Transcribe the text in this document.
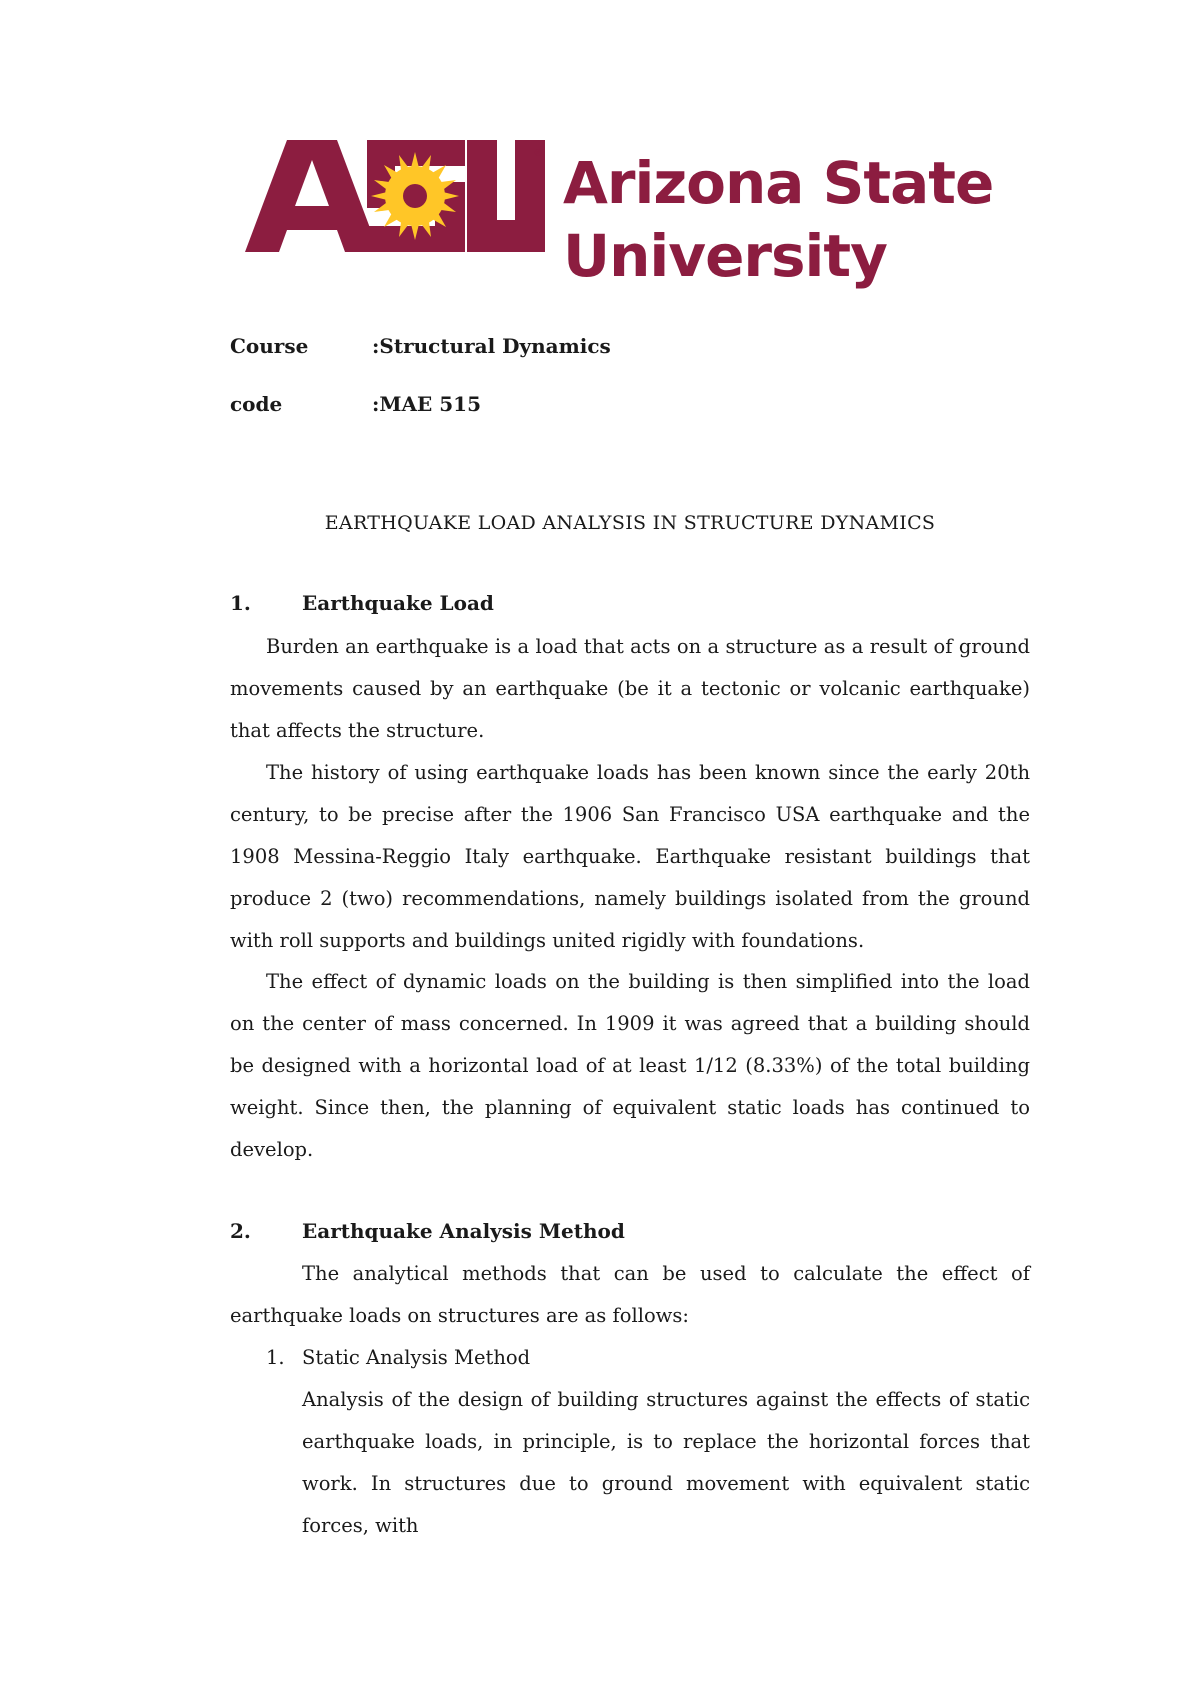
® Arizona State
University
Course	:Structural Dynamics
code	:MAE 515
EARTHQUAKE LOAD ANALYSIS IN STRUCTURE DYNAMICS
1.	Earthquake Load

Burden an earthquake is a load that acts on a structure as a result of ground movements caused by an earthquake (be it a tectonic or volcanic earthquake) that affects the structure.

The history of using earthquake loads has been known since the early 20th century, to be precise after the 1906 San Francisco USA earthquake and the 1908 Messina-Reggio Italy earthquake. Earthquake resistant buildings that produce 2 (two) recommendations, namely buildings isolated from the ground with roll supports and buildings united rigidly with foundations.

The effect of dynamic loads on the building is then simplified into the load on the center of mass concerned. In 1909 it was agreed that a building should be designed with a horizontal load of at least 1/12 (8.33%) of the total building weight. Since then, the planning of equivalent static loads has continued to develop.

2.	Earthquake Analysis Method

The analytical methods that can be used to calculate the effect of earthquake loads on structures are as follows:

1. Static Analysis Method

Analysis of the design of building structures against the effects of static earthquake loads, in principle, is to replace the horizontal forces that work. In structures due to ground movement with equivalent static forces, with
